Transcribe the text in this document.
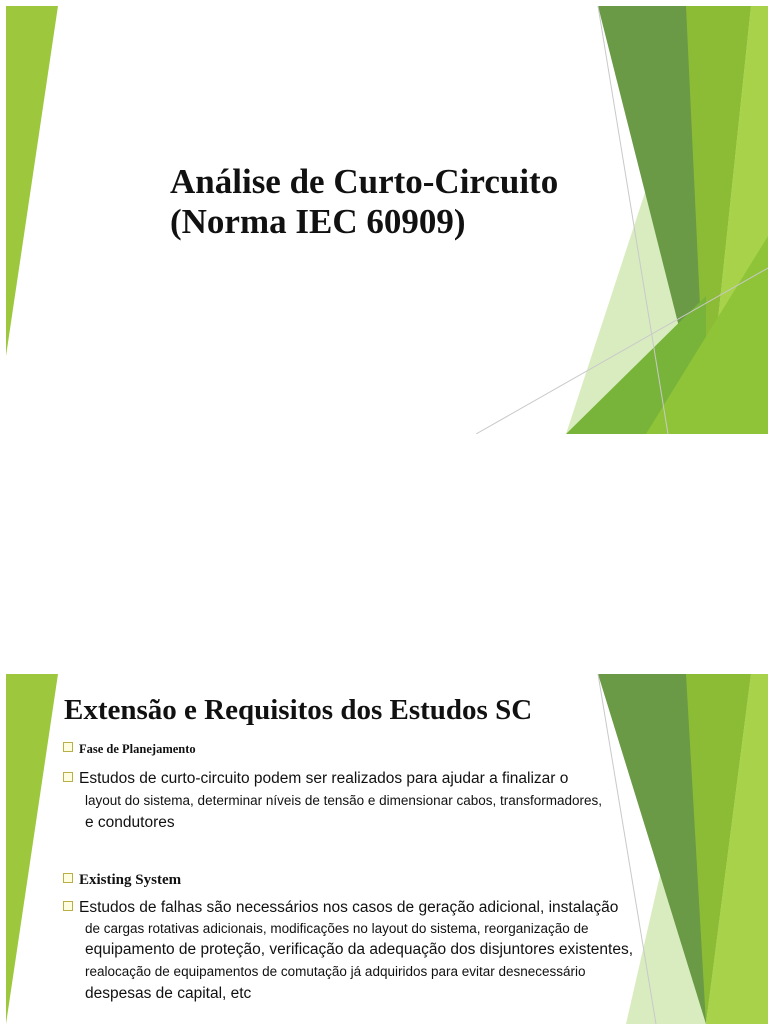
Análise de Curto-Circuito
(Norma IEC 60909)
Extensão e Requisitos dos Estudos SC
Fase de Planejamento
Estudos de curto-circuito podem ser realizados para ajudar a finalizar o
layout do sistema, determinar níveis de tensão e dimensionar cabos, transformadores,
e condutores
Existing System
Estudos de falhas são necessários nos casos de geração adicional, instalação
de cargas rotativas adicionais, modificações no layout do sistema, reorganização de
equipamento de proteção, verificação da adequação dos disjuntores existentes,
realocação de equipamentos de comutação já adquiridos para evitar desnecessário
despesas de capital, etc
